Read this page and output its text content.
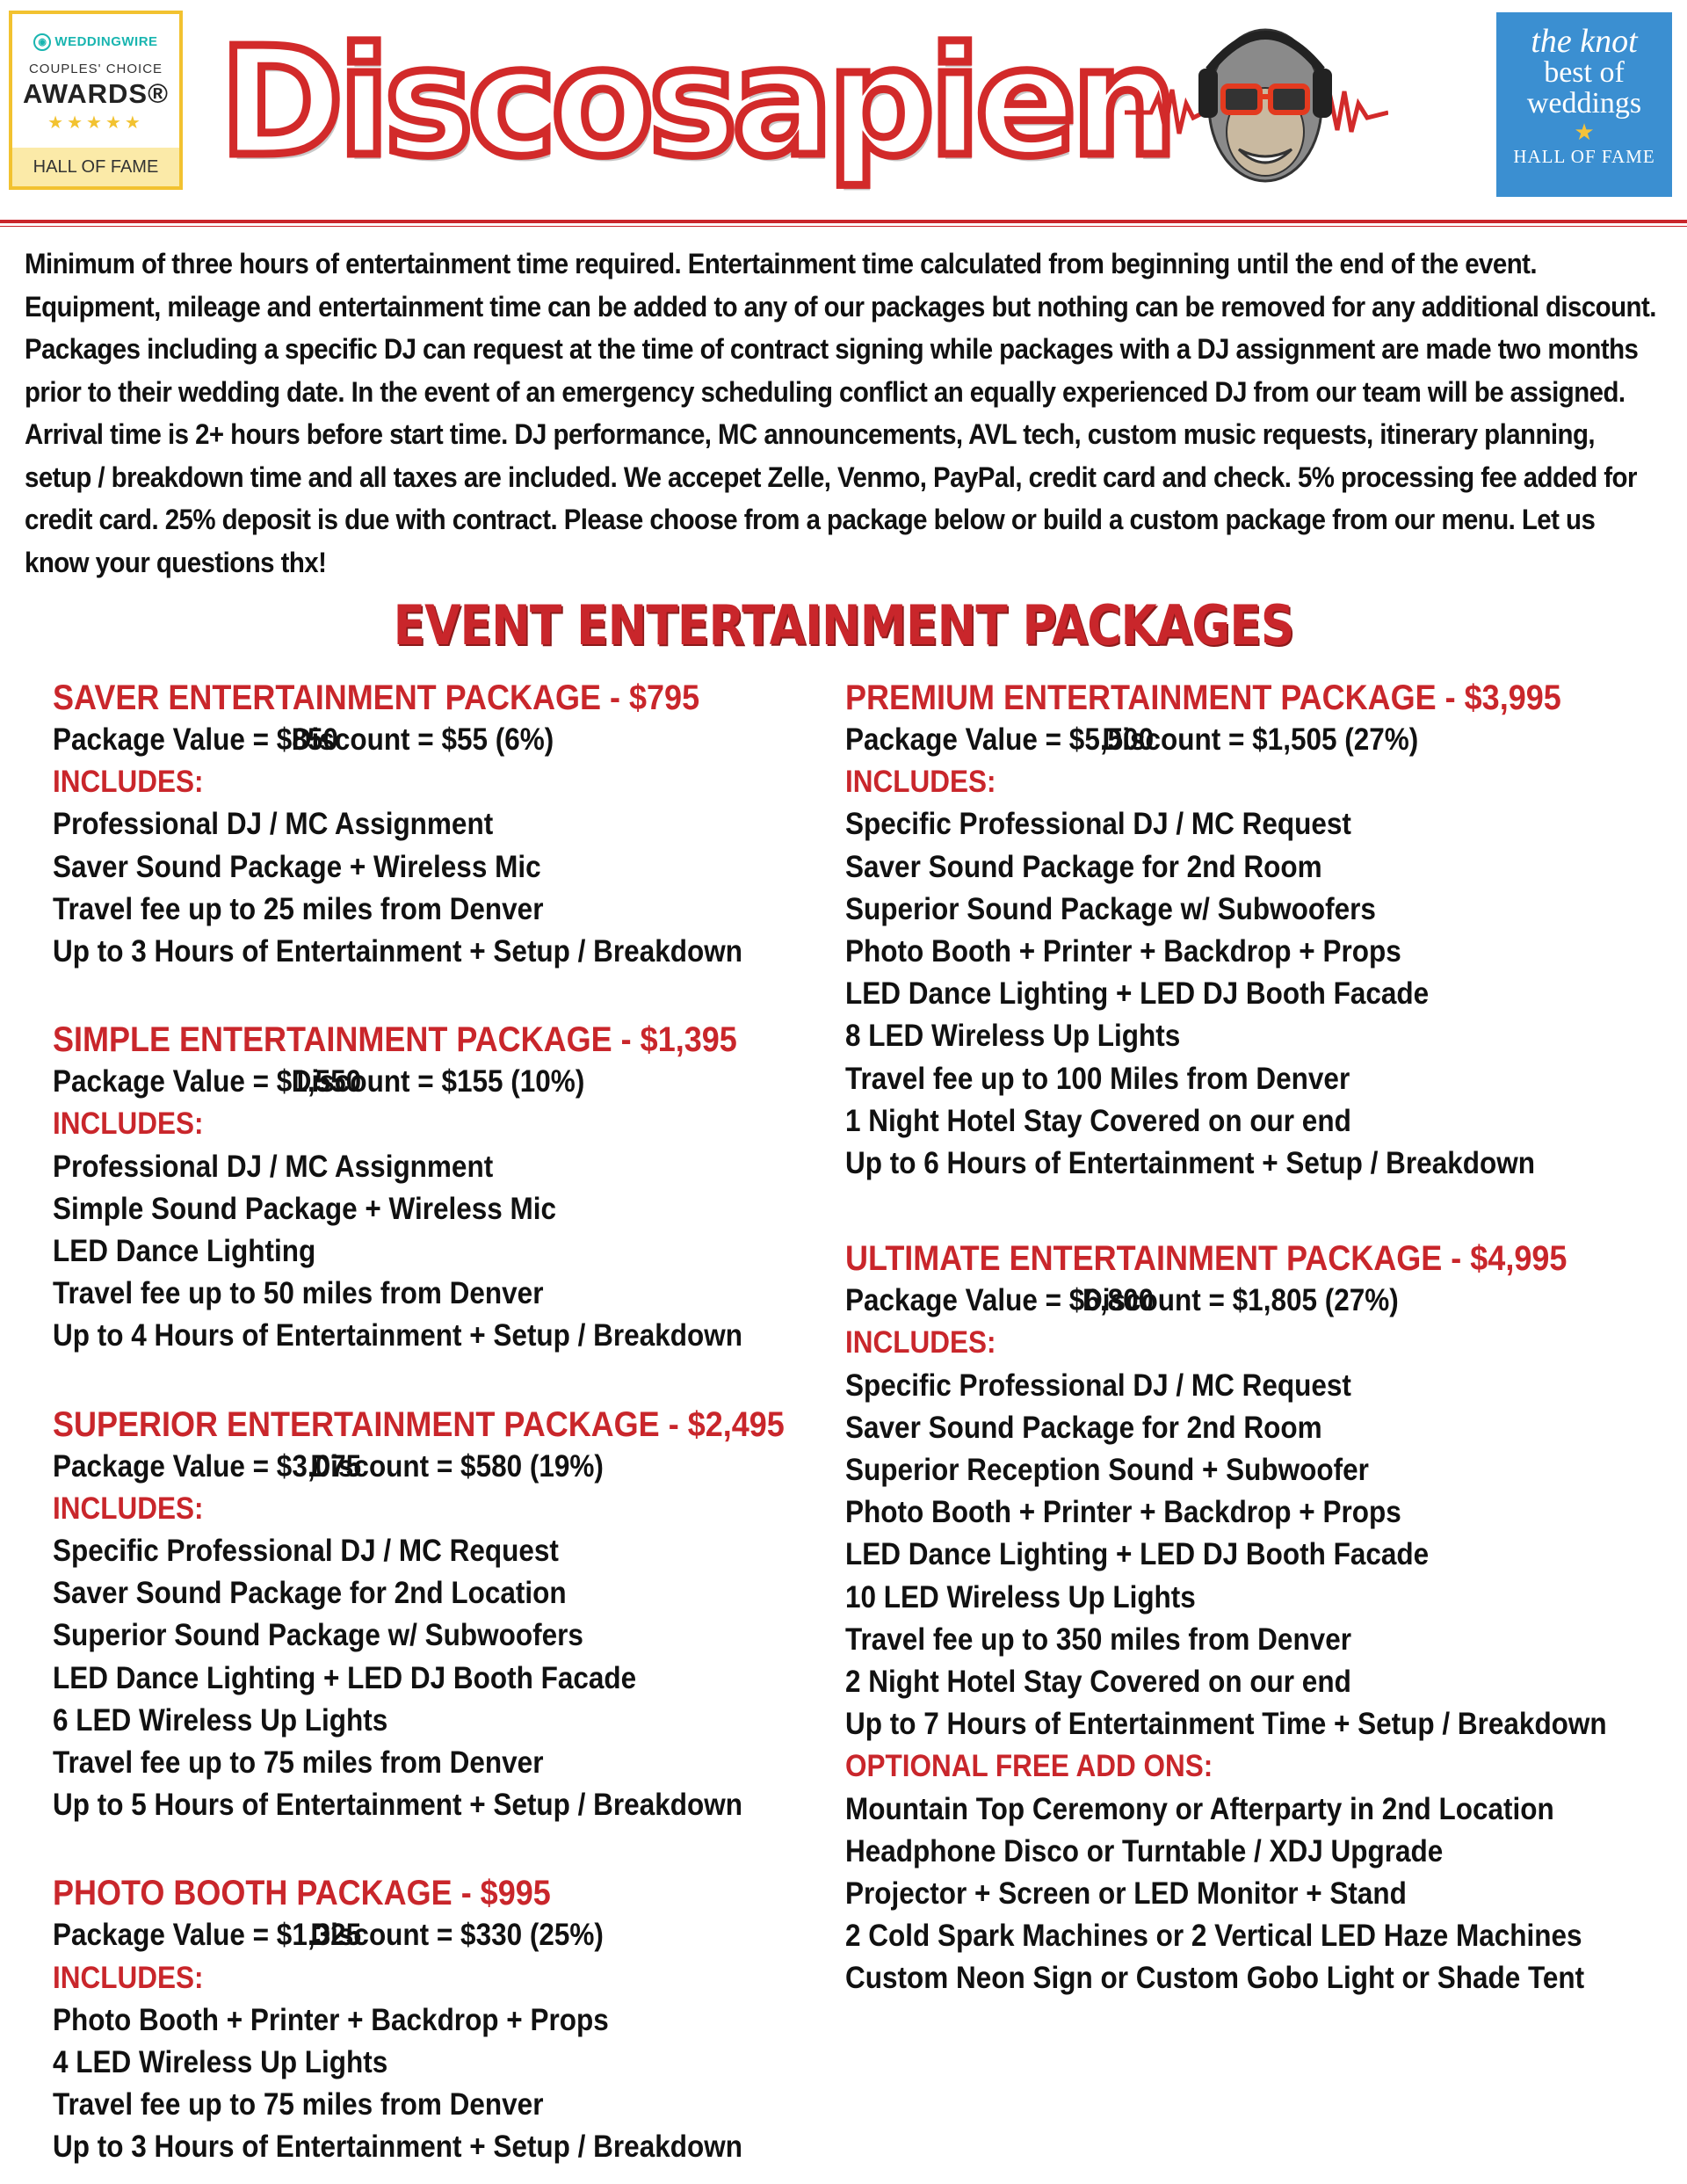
◉ WEDDINGWIRE
COUPLES' CHOICE
AWARDS®
★★★★★
HALL OF FAME Discosapien	the knot
best of
weddings
★
HALL OF FAME
Minimum of three hours of entertainment time required. Entertainment time calculated from beginning until the end of the event. Equipment, mileage and entertainment time can be added to any of our packages but nothing can be removed for any additional discount. Packages including a specific DJ can request at the time of contract signing while packages with a DJ assignment are made two months prior to their wedding date. In the event of an emergency scheduling conflict an equally experienced DJ from our team will be assigned. Arrival time is 2+ hours before start time. DJ performance, MC announcements, AVL tech, custom music requests, itinerary planning, setup / breakdown time and all taxes are included. We accepet Zelle, Venmo, PayPal, credit card and check. 5% processing fee added for credit card. 25% deposit is due with contract. Please choose from a package below or build a custom package from our menu. Let us know your questions thx!
EVENT ENTERTAINMENT PACKAGES
SAVER ENTERTAINMENT PACKAGE - $795
Package Value = $850
Discount = $55 (6%)
INCLUDES:
Professional DJ / MC Assignment
Saver Sound Package + Wireless Mic
Travel fee up to 25 miles from Denver
Up to 3 Hours of Entertainment + Setup / Breakdown
SIMPLE ENTERTAINMENT PACKAGE - $1,395
Package Value = $1,550
Discount = $155 (10%)
INCLUDES:
Professional DJ / MC Assignment
Simple Sound Package + Wireless Mic
LED Dance Lighting
Travel fee up to 50 miles from Denver
Up to 4 Hours of Entertainment + Setup / Breakdown
SUPERIOR ENTERTAINMENT PACKAGE - $2,495
Package Value = $3,075
Discount = $580 (19%)
INCLUDES:
Specific Professional DJ / MC Request
Saver Sound Package for 2nd Location
Superior Sound Package w/ Subwoofers
LED Dance Lighting + LED DJ Booth Facade
6 LED Wireless Up Lights
Travel fee up to 75 miles from Denver
Up to 5 Hours of Entertainment + Setup / Breakdown
PHOTO BOOTH PACKAGE - $995
Package Value = $1,325
Discount = $330 (25%)
INCLUDES:
Photo Booth + Printer + Backdrop + Props
4 LED Wireless Up Lights
Travel fee up to 75 miles from Denver
Up to 3 Hours of Entertainment + Setup / Breakdown
PREMIUM ENTERTAINMENT PACKAGE - $3,995
Package Value = $5,500
Discount = $1,505 (27%)
INCLUDES:
Specific Professional DJ / MC Request
Saver Sound Package for 2nd Room
Superior Sound Package w/ Subwoofers
Photo Booth + Printer + Backdrop + Props
LED Dance Lighting + LED DJ Booth Facade
8 LED Wireless Up Lights
Travel fee up to 100 Miles from Denver
1 Night Hotel Stay Covered on our end
Up to 6 Hours of Entertainment + Setup / Breakdown
ULTIMATE ENTERTAINMENT PACKAGE - $4,995
Package Value = $6,800
Discount = $1,805 (27%)
INCLUDES:
Specific Professional DJ / MC Request
Saver Sound Package for 2nd Room
Superior Reception Sound + Subwoofer
Photo Booth + Printer + Backdrop + Props
LED Dance Lighting + LED DJ Booth Facade
10 LED Wireless Up Lights
Travel fee up to 350 miles from Denver
2 Night Hotel Stay Covered on our end
Up to 7 Hours of Entertainment Time + Setup / Breakdown
OPTIONAL FREE ADD ONS:
Mountain Top Ceremony or Afterparty in 2nd Location
Headphone Disco or Turntable / XDJ Upgrade
Projector + Screen or LED Monitor + Stand
2 Cold Spark Machines or 2 Vertical LED Haze Machines
Custom Neon Sign or Custom Gobo Light or Shade Tent
